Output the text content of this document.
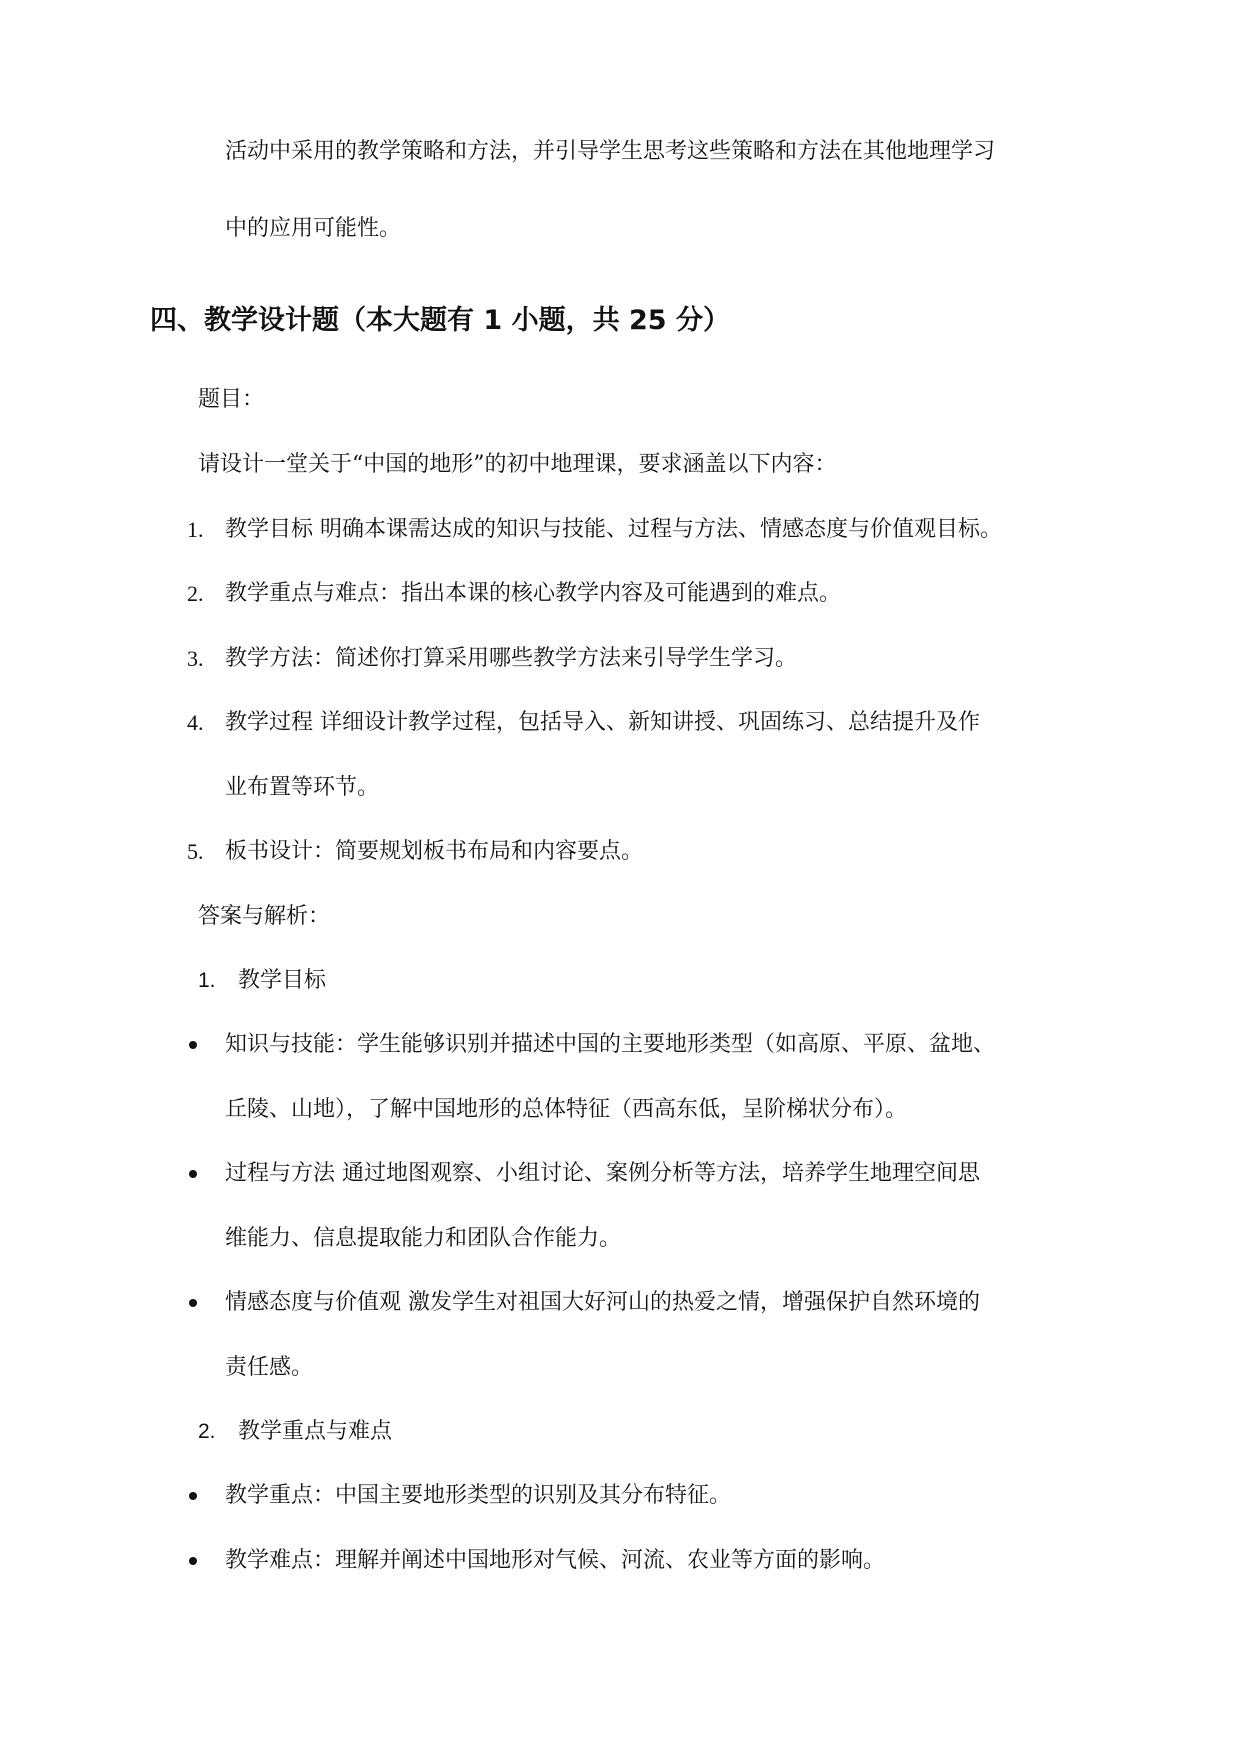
活动中采用的教学策略和方法，并引导学生思考这些策略和方法在其他地理学习
中的应用可能性。
四、教学设计题（本大题有 1 小题，共 25 分）
题目：
请设计一堂关于“中国的地形”的初中地理课，要求涵盖以下内容：
1. 教学目标 明确本课需达成的知识与技能、过程与方法、情感态度与价值观目标。
2. 教学重点与难点：指出本课的核心教学内容及可能遇到的难点。
3. 教学方法：简述你打算采用哪些教学方法来引导学生学习。
4. 教学过程 详细设计教学过程，包括导入、新知讲授、巩固练习、总结提升及作
业布置等环节。
5. 板书设计：简要规划板书布局和内容要点。
答案与解析：
1. 教学目标
知识与技能：学生能够识别并描述中国的主要地形类型（如高原、平原、盆地、
丘陵、山地），了解中国地形的总体特征（西高东低，呈阶梯状分布）。
过程与方法 通过地图观察、小组讨论、案例分析等方法，培养学生地理空间思
维能力、信息提取能力和团队合作能力。
情感态度与价值观 激发学生对祖国大好河山的热爱之情，增强保护自然环境的
责任感。
2. 教学重点与难点
教学重点：中国主要地形类型的识别及其分布特征。
教学难点：理解并阐述中国地形对气候、河流、农业等方面的影响。
